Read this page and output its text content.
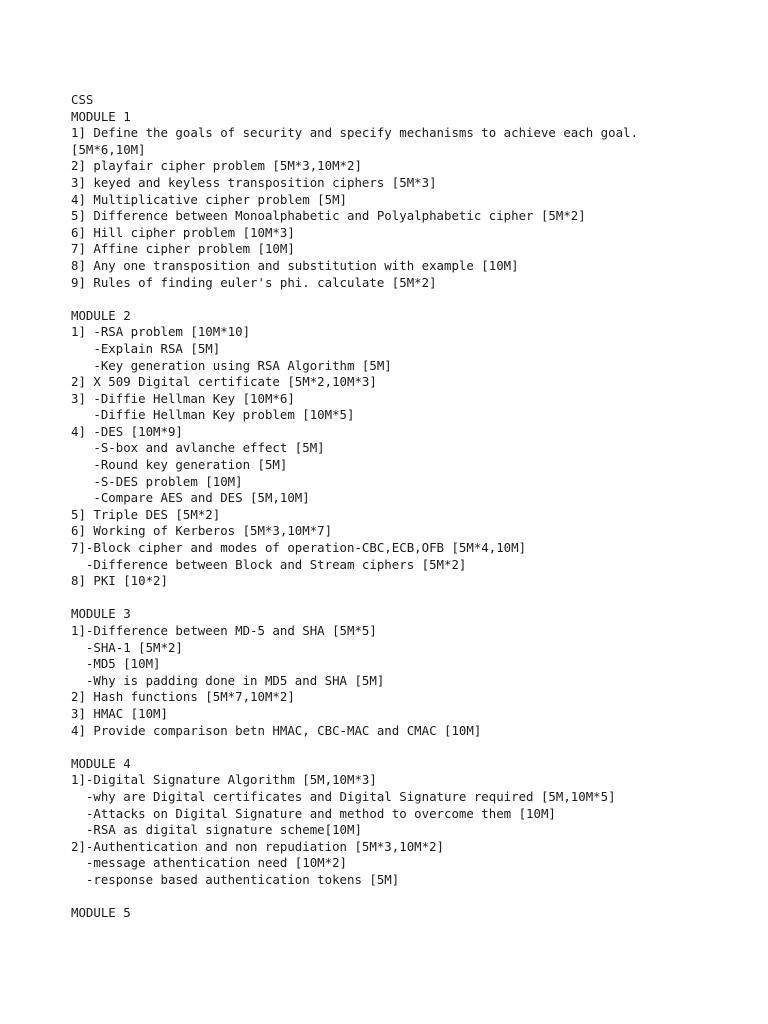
CSS
MODULE 1
1] Define the goals of security and specify mechanisms to achieve each goal.
[5M*6,10M]
2] playfair cipher problem [5M*3,10M*2]
3] keyed and keyless transposition ciphers [5M*3]
4] Multiplicative cipher problem [5M]
5] Difference between Monoalphabetic and Polyalphabetic cipher [5M*2]
6] Hill cipher problem [10M*3]
7] Affine cipher problem [10M]
8] Any one transposition and substitution with example [10M]
9] Rules of finding euler's phi. calculate [5M*2]
MODULE 2
1] -RSA problem [10M*10]
-Explain RSA [5M]
-Key generation using RSA Algorithm [5M]
2] X 509 Digital certificate [5M*2,10M*3]
3] -Diffie Hellman Key [10M*6]
-Diffie Hellman Key problem [10M*5]
4] -DES [10M*9]
-S-box and avlanche effect [5M]
-Round key generation [5M]
-S-DES problem [10M]
-Compare AES and DES [5M,10M]
5] Triple DES [5M*2]
6] Working of Kerberos [5M*3,10M*7]
7]-Block cipher and modes of operation-CBC,ECB,OFB [5M*4,10M]
-Difference between Block and Stream ciphers [5M*2]
8] PKI [10*2]
MODULE 3
1]-Difference between MD-5 and SHA [5M*5]
-SHA-1 [5M*2]
-MD5 [10M]
-Why is padding done in MD5 and SHA [5M]
2] Hash functions [5M*7,10M*2]
3] HMAC [10M]
4] Provide comparison betn HMAC, CBC-MAC and CMAC [10M]
MODULE 4
1]-Digital Signature Algorithm [5M,10M*3]
-why are Digital certificates and Digital Signature required [5M,10M*5]
-Attacks on Digital Signature and method to overcome them [10M]
-RSA as digital signature scheme[10M]
2]-Authentication and non repudiation [5M*3,10M*2]
-message athentication need [10M*2]
-response based authentication tokens [5M]
MODULE 5
